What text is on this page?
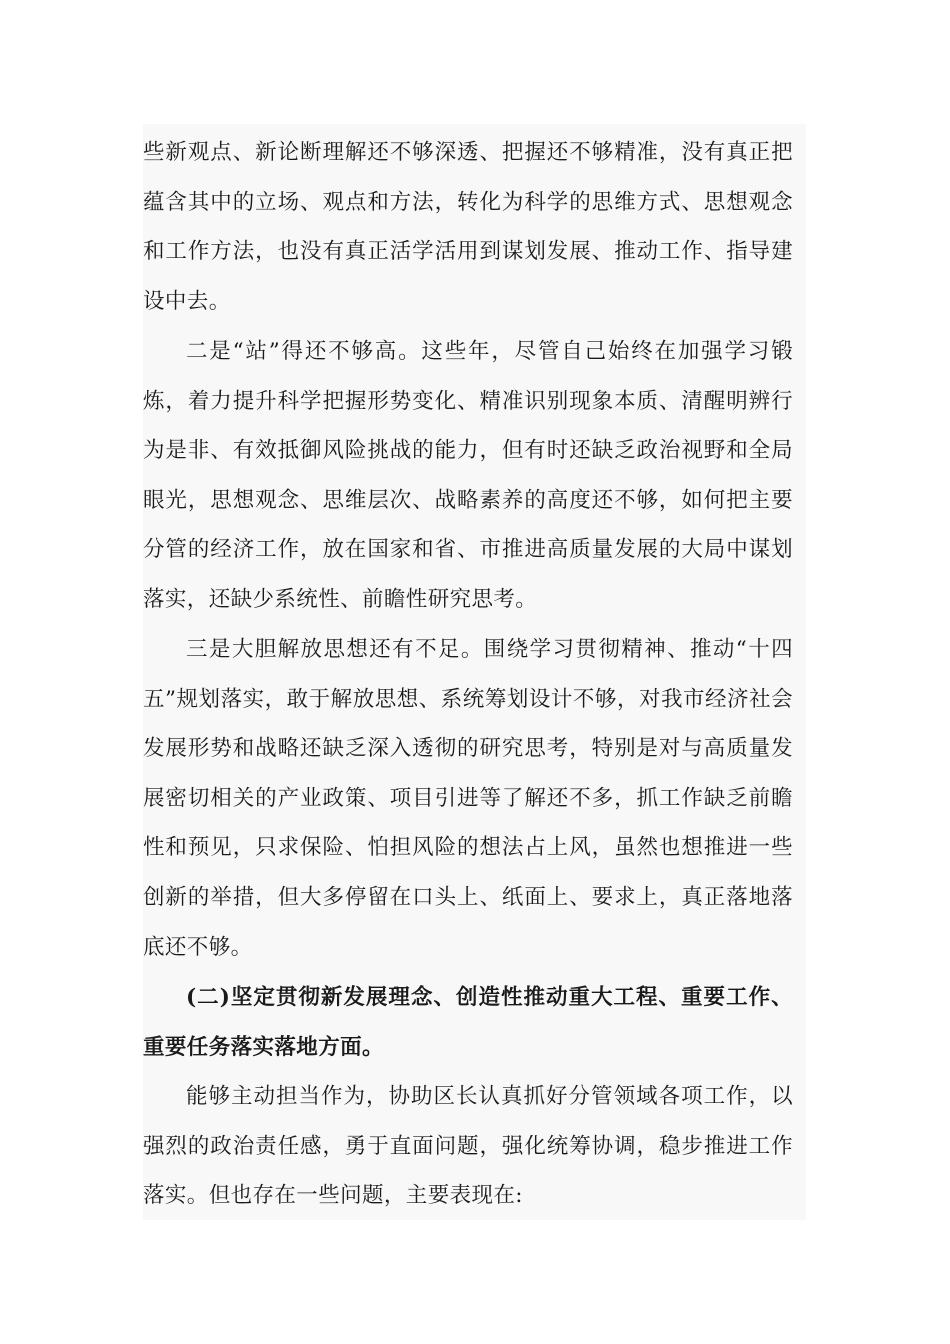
些新观点、新论断理解还不够深透、把握还不够精准，没有真正把蕴含其中的立场、观点和方法，转化为科学的思维方式、思想观念和工作方法，也没有真正活学活用到谋划发展、推动工作、指导建设中去。

二是“站”得还不够高。这些年，尽管自己始终在加强学习锻炼，着力提升科学把握形势变化、精准识别现象本质、清醒明辨行为是非、有效抵御风险挑战的能力，但有时还缺乏政治视野和全局眼光，思想观念、思维层次、战略素养的高度还不够，如何把主要分管的经济工作，放在国家和省、市推进高质量发展的大局中谋划落实，还缺少系统性、前瞻性研究思考。

三是大胆解放思想还有不足。围绕学习贯彻精神、推动“十四五”规划落实，敢于解放思想、系统筹划设计不够，对我市经济社会发展形势和战略还缺乏深入透彻的研究思考，特别是对与高质量发展密切相关的产业政策、项目引进等了解还不多，抓工作缺乏前瞻性和预见，只求保险、怕担风险的想法占上风，虽然也想推进一些创新的举措，但大多停留在口头上、纸面上、要求上，真正落地落底还不够。

(二)坚定贯彻新发展理念、创造性推动重大工程、重要工作、重要任务落实落地方面。

能够主动担当作为，协助区长认真抓好分管领域各项工作，以强烈的政治责任感，勇于直面问题，强化统筹协调，稳步推进工作落实。但也存在一些问题，主要表现在:
